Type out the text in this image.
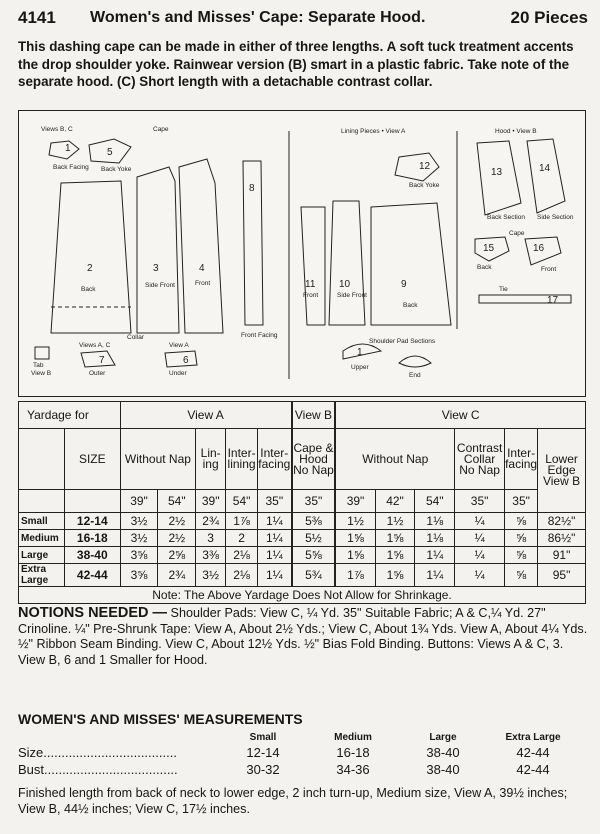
4141 Women's and Misses' Cape: Separate Hood.	20 Pieces
This dashing cape can be made in either of three lengths. A soft tuck treatment accents the drop shoulder yoke. Rainwear version (B) smart in a plastic fabric. Take note of the separate hood. (C) Short length with a detachable contrast collar.
Views B, C	Cape
Back Facing Back Yoke
1	5
2
Back
3
Side Front
4
Front
8
Front Facing
Collar
Views A, C	View A
Tab
View B
7
Outer
6
Under
Lining Pieces • View A
12
Back Yoke
11
Front
10
Side Front
9
Back
Shoulder Pad Sections
1
Upper
End
Hood • View B
13
Back Section
14
Side Section
Cape
15
Back
16
Front
Tie
17
Yardage for		View A					View B	View C					
	SIZE	Without Nap		Lin-ing	Inter-lining	Inter-facing	Cape & Hood No Nap	Without Nap			Contrast Collar No Nap	Inter-facing	Lower Edge View B
		39"	54"	39"	54"	35"	35"	39"	42"	54"	35"	35"	
Small	12-14	3½	2½	2¾	1⅞	1¼	5⅜	1½	1½	1⅛	¼	⅝	82½"
Medium	16-18	3½	2½	3	2	1¼	5½	1⅝	1⅝	1⅛	¼	⅝	86½"
Large	38-40	3⅝	2⅝	3⅜	2⅛	1¼	5⅝	1⅝	1⅝	1¼	¼	⅝	91"
Extra Large	42-44	3⅝	2¾	3½	2⅛	1¼	5¾	1⅞	1⅝	1¼	¼	⅝	95"
Note: The Above Yardage Does Not Allow for Shrinkage.													
NOTIONS NEEDED — Shoulder Pads: View C, ¼ Yd. 35" Suitable Fabric; A & C,¼ Yd. 27" Crinoline. ¼" Pre-Shrunk Tape: View A, About 2½ Yds.; View C, About 1¾ Yds. View A, About 4¼ Yds. ½" Ribbon Seam Binding. View C, About 12½ Yds. ½" Bias Fold Binding. Buttons: Views A & C, 3. View B, 6 and 1 Smaller for Hood.
WOMEN'S AND MISSES' MEASUREMENTS
	Small	Medium	Large	Extra Large
Size.....................................	12-14	16-18	38-40	42-44
Bust.....................................	30-32	34-36	38-40	42-44
Finished length from back of neck to lower edge, 2 inch turn-up, Medium size, View A, 39½ inches; View B, 44½ inches; View C, 17½ inches.
